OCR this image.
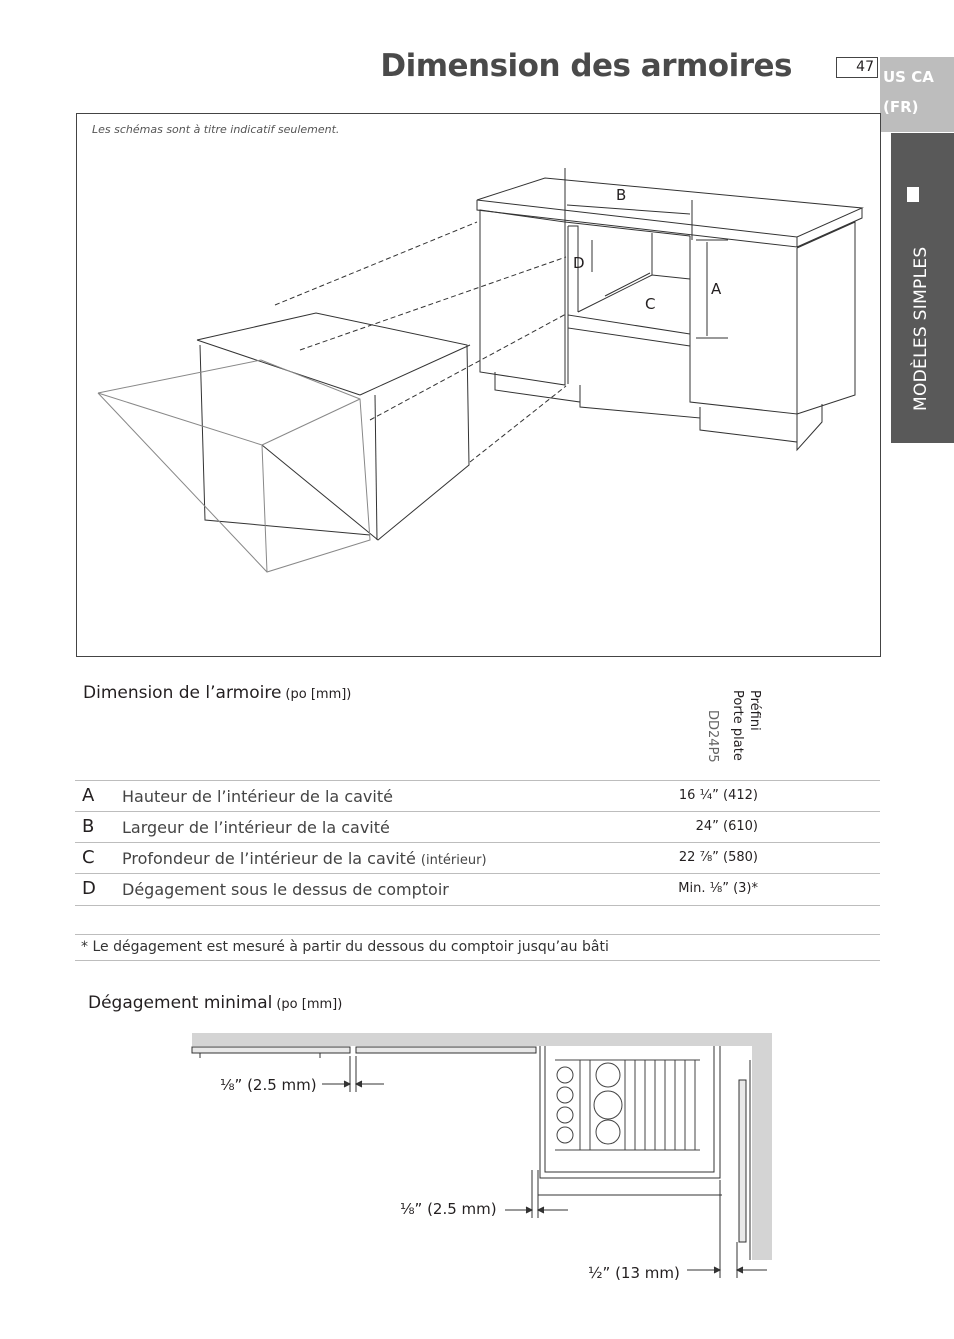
Dimension des armoires	47
US CA
(FR)
MODÈLES SIMPLES
Les schémas sont à titre indicatif seulement.
B
D
A
C
Dimension de l’armoire (po [mm])	Préfini
Porte plate
DD24P5
A Hauteur de l’intérieur de la cavité	16 ¼” (412)
B Largeur de l’intérieur de la cavité	24” (610)
C Profondeur de l’intérieur de la cavité (intérieur)	22 ⅞” (580)
D Dégagement sous le dessus de comptoir	Min. ⅛” (3)*
* Le dégagement est mesuré à partir du dessous du comptoir jusqu’au bâti
Dégagement minimal (po [mm])
⅛” (2.5 mm)
⅛” (2.5 mm)
½” (13 mm)
